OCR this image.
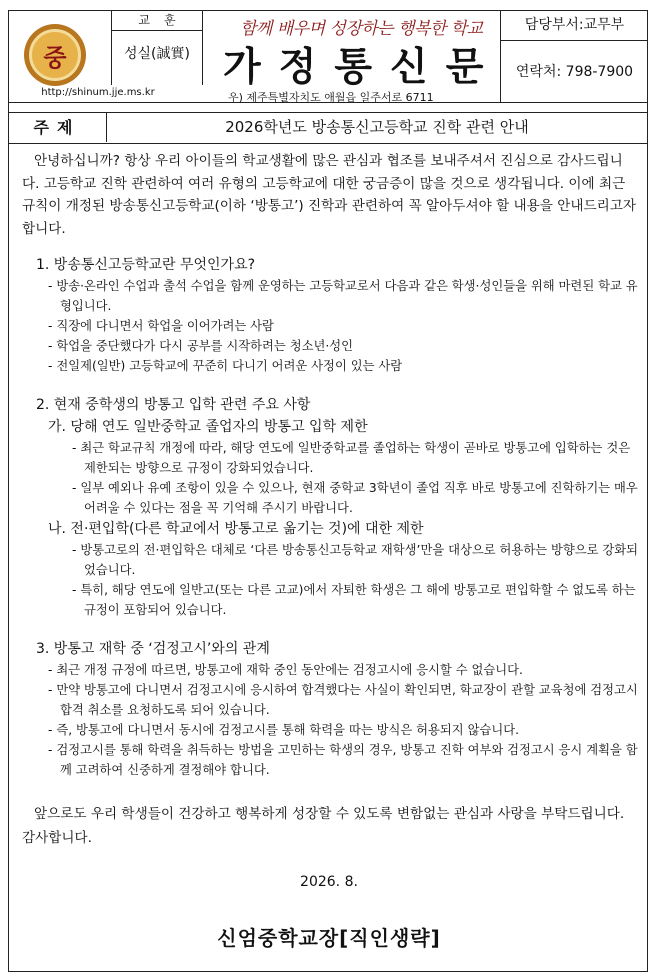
중
http://shinum.jje.ms.kr
교훈
성실(誠實)
함께 배우며 성장하는 행복한 학교
가정통신문
우) 제주특별자치도 애월읍 일주서로 6711
담당부서:교무부
연락처: 798-7900
주제	2026학년도 방송통신고등학교 진학 관련 안내

안녕하십니까? 항상 우리 아이들의 학교생활에 많은 관심과 협조를 보내주셔서 진심으로 감사드립니다. 고등학교 진학 관련하여 여러 유형의 고등학교에 대한 궁금증이 많을 것으로 생각됩니다. 이에 최근 규칙이 개정된 방송통신고등학교(이하 ‘방통고’) 진학과 관련하여 꼭 알아두셔야 할 내용을 안내드리고자 합니다.

1. 방송통신고등학교란 무엇인가요?

- 방송·온라인 수업과 출석 수업을 함께 운영하는 고등학교로서 다음과 같은 학생·성인들을 위해 마련된 학교 유형입니다.

- 직장에 다니면서 학업을 이어가려는 사람

- 학업을 중단했다가 다시 공부를 시작하려는 청소년·성인

- 전일제(일반) 고등학교에 꾸준히 다니기 어려운 사정이 있는 사람

2. 현재 중학생의 방통고 입학 관련 주요 사항

가. 당해 연도 일반중학교 졸업자의 방통고 입학 제한

- 최근 학교규칙 개정에 따라, 해당 연도에 일반중학교를 졸업하는 학생이 곧바로 방통고에 입학하는 것은 제한되는 방향으로 규정이 강화되었습니다.

- 일부 예외나 유예 조항이 있을 수 있으나, 현재 중학교 3학년이 졸업 직후 바로 방통고에 진학하기는 매우 어려울 수 있다는 점을 꼭 기억해 주시기 바랍니다.

나. 전·편입학(다른 학교에서 방통고로 옮기는 것)에 대한 제한

- 방통고로의 전·편입학은 대체로 ‘다른 방송통신고등학교 재학생’만을 대상으로 허용하는 방향으로 강화되었습니다.

- 특히, 해당 연도에 일반고(또는 다른 고교)에서 자퇴한 학생은 그 해에 방통고로 편입학할 수 없도록 하는 규정이 포함되어 있습니다.

3. 방통고 재학 중 ‘검정고시’와의 관계

- 최근 개정 규정에 따르면, 방통고에 재학 중인 동안에는 검정고시에 응시할 수 없습니다.

- 만약 방통고에 다니면서 검정고시에 응시하여 합격했다는 사실이 확인되면, 학교장이 관할 교육청에 검정고시 합격 취소를 요청하도록 되어 있습니다.

- 즉, 방통고에 다니면서 동시에 검정고시를 통해 학력을 따는 방식은 허용되지 않습니다.

- 검정고시를 통해 학력을 취득하는 방법을 고민하는 학생의 경우, 방통고 진학 여부와 검정고시 응시 계획을 함께 고려하여 신중하게 결정해야 합니다.

앞으로도 우리 학생들이 건강하고 행복하게 성장할 수 있도록 변함없는 관심과 사랑을 부탁드립니다. 감사합니다.

2026. 8.
신엄중학교장[직인생략]
